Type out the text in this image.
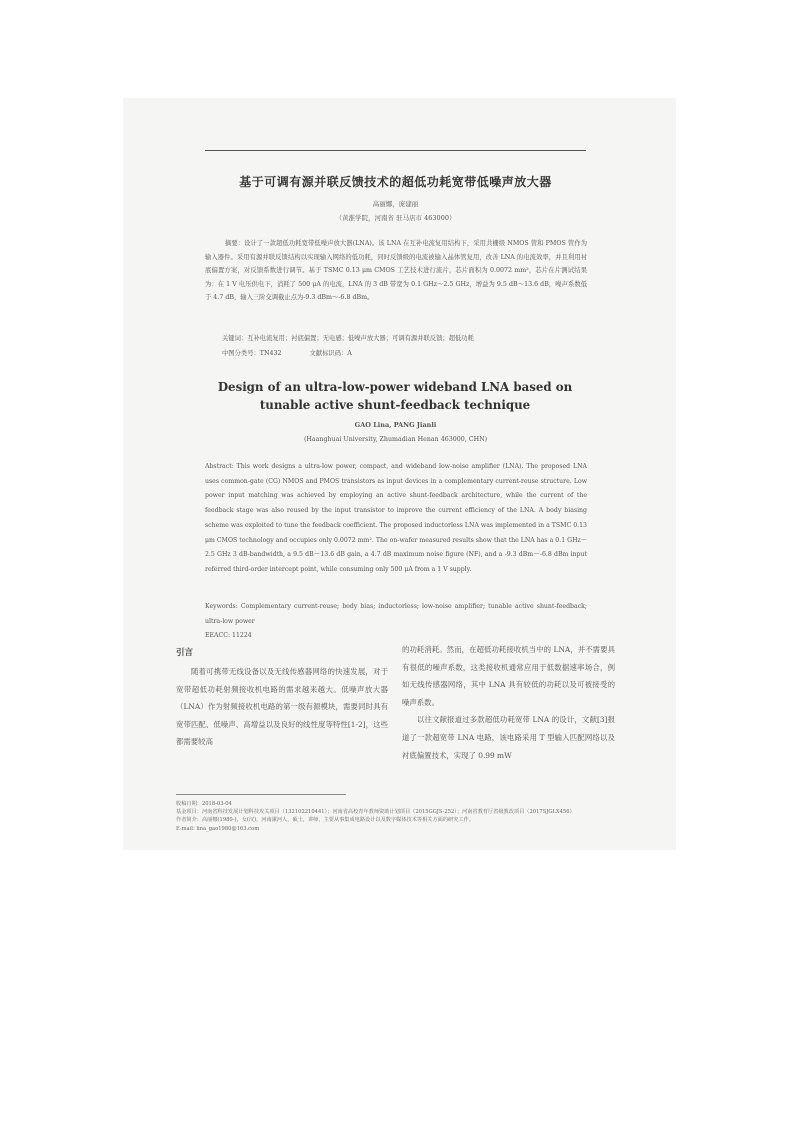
基于可调有源并联反馈技术的超低功耗宽带低噪声放大器
高丽娜，庞建丽
（黄淮学院，河南省 驻马店市 463000）
摘要：设计了一款超低功耗宽带低噪声放大器(LNA)。该 LNA 在互补电流复用结构下，采用共栅级 NMOS 管和 PMOS 管作为输入器件。采用有源并联反馈结构以实现输入网络的低功耗，同时反馈级的电流被输入晶体管复用，改善 LNA 的电流效率，并且利用衬底偏置方案，对反馈系数进行调节。基于 TSMC 0.13 μm CMOS 工艺技术进行流片，芯片面积为 0.0072 mm²，芯片在片测试结果为：在 1 V 电压供电下，消耗了 500 μA 的电流，LNA 的 3 dB 带宽为 0.1 GHz～2.5 GHz，增益为 9.5 dB～13.6 dB，噪声系数低于 4.7 dB，输入三阶交调截止点为-9.3 dBm～-6.8 dBm。
关键词：互补电流复用；衬底偏置；无电感；低噪声放大器；可调有源并联反馈；超低功耗
中图分类号：TN432	文献标识码：A
Design of an ultra-low-power wideband LNA based on tunable active shunt-feedback technique
GAO Lina, PANG Jianli
(Haanghuai University, Zhumadian Henan 463000, CHN)
Abstract: This work designs a ultra-low power, compact, and wideband low-noise amplifier (LNA). The proposed LNA uses common-gate (CG) NMOS and PMOS transistors as input devices in a complementary current-reuse structure. Low power input matching was achieved by employing an active shunt-feedback architecture, while the current of the feedback stage was also reused by the input transistor to improve the current efficiency of the LNA. A body biasing scheme was exploited to tune the feedback coefficient. The proposed inductorless LNA was implemented in a TSMC 0.13 μm CMOS technology and occupies only 0.0072 mm². The on-wafer measured results show that the LNA has a 0.1 GHz～2.5 GHz 3 dB-bandwidth, a 9.5 dB～13.6 dB gain, a 4.7 dB maximum noise figure (NF), and a -9.3 dBm～-6.8 dBm input referred third-order intercept point, while consuming only 500 μA from a 1 V supply.
Keywords: Complementary current-reuse; body bias; inductorless; low-noise amplifier; tunable active shunt-feedback; ultra-low power
EEACC: 11224
引言
随着可携带无线设备以及无线传感器网络的快速发展，对于宽带超低功耗射频接收机电路的需求越来越大。低噪声放大器（LNA）作为射频接收机电路的第一级有源模块，需要同时具有宽带匹配、低噪声、高增益以及良好的线性度等特性[1-2]，这些都需要较高

的功耗消耗。然而，在超低功耗接收机当中的 LNA，并不需要具有很低的噪声系数，这类接收机通常应用于低数据速率场合，例如无线传感器网络，其中 LNA 具有较低的功耗以及可被接受的噪声系数。

以往文献报道过多款超低功耗宽带 LNA 的设计，文献[3]报道了一款超宽带 LNA 电路，该电路采用 T 型输入匹配网络以及衬底偏置技术，实现了 0.99 mW

收稿日期：2018-03-04
基金项目：河南省科技发展计划科技攻关项目（132102210441）；河南省高校青年教师资助计划项目（2015GGJS-252）；河南省教育厅省级教改项目（2017SJGLX456）
作者简介：高丽娜(1980-)，女(汉)，河南潔河人，硕士，讲师，主要从事集成电路设计以及数字媒体技术等相关方面的研究工作。
E-mail: lina_gao1980@163.com
